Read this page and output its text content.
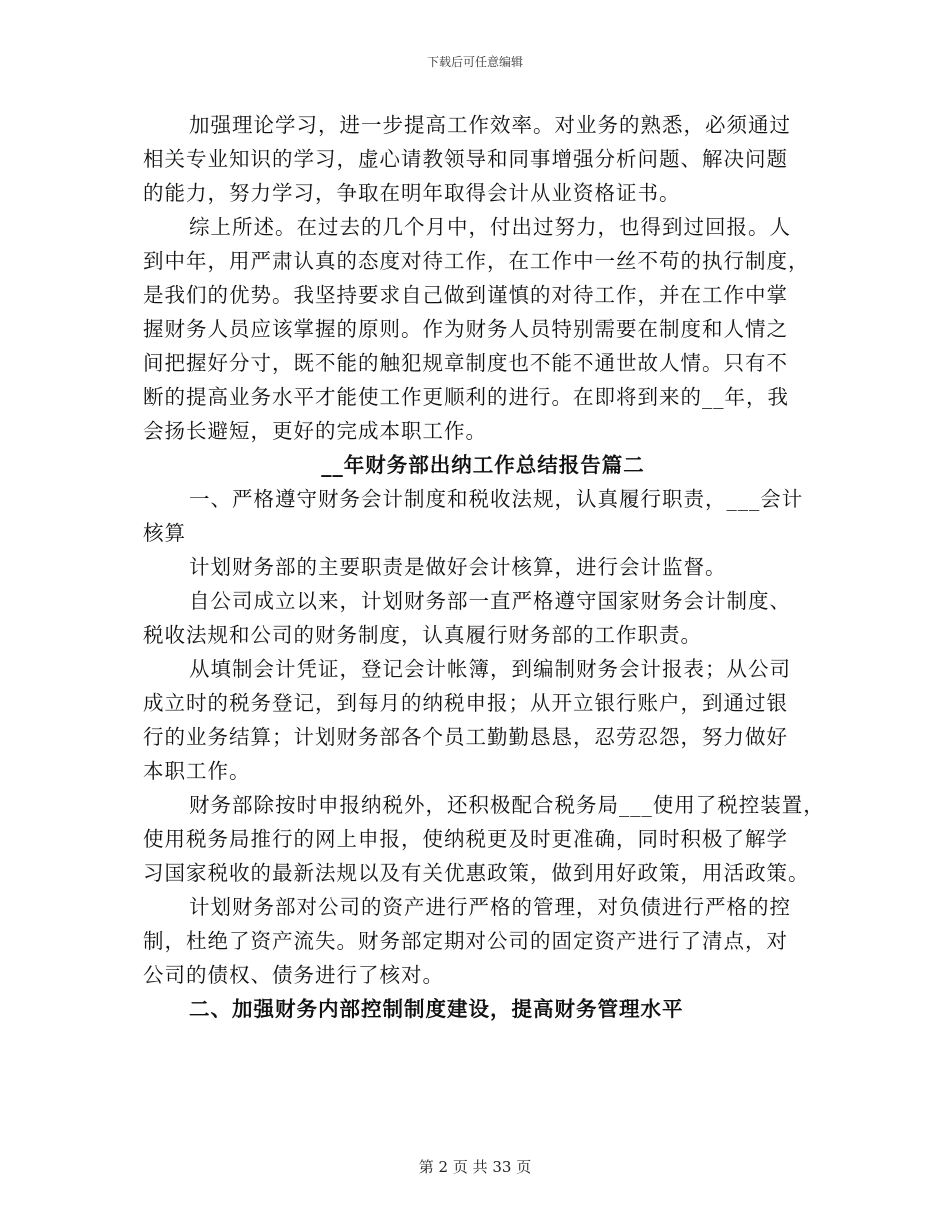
下载后可任意编辑
加强理论学习，进一步提高工作效率。对业务的熟悉，必须通过
相关专业知识的学习，虚心请教领导和同事增强分析问题、解决问题
的能力，努力学习，争取在明年取得会计从业资格证书。
综上所述。在过去的几个月中，付出过努力，也得到过回报。人
到中年，用严肃认真的态度对待工作，在工作中一丝不苟的执行制度，
是我们的优势。我坚持要求自己做到谨慎的对待工作，并在工作中掌
握财务人员应该掌握的原则。作为财务人员特别需要在制度和人情之
间把握好分寸，既不能的触犯规章制度也不能不通世故人情。只有不
断的提高业务水平才能使工作更顺利的进行。在即将到来的__年，我
会扬长避短，更好的完成本职工作。
__年财务部出纳工作总结报告篇二
一、严格遵守财务会计制度和税收法规，认真履行职责，___会计
核算
计划财务部的主要职责是做好会计核算，进行会计监督。
自公司成立以来，计划财务部一直严格遵守国家财务会计制度、
税收法规和公司的财务制度，认真履行财务部的工作职责。
从填制会计凭证，登记会计帐簿，到编制财务会计报表；从公司
成立时的税务登记，到每月的纳税申报；从开立银行账户，到通过银
行的业务结算；计划财务部各个员工勤勤恳恳，忍劳忍怨，努力做好
本职工作。
财务部除按时申报纳税外，还积极配合税务局___使用了税控装置，
使用税务局推行的网上申报，使纳税更及时更准确，同时积极了解学
习国家税收的最新法规以及有关优惠政策，做到用好政策，用活政策。
计划财务部对公司的资产进行严格的管理，对负债进行严格的控
制，杜绝了资产流失。财务部定期对公司的固定资产进行了清点，对
公司的债权、债务进行了核对。
二、加强财务内部控制制度建设，提高财务管理水平
第 2 页 共 33 页
